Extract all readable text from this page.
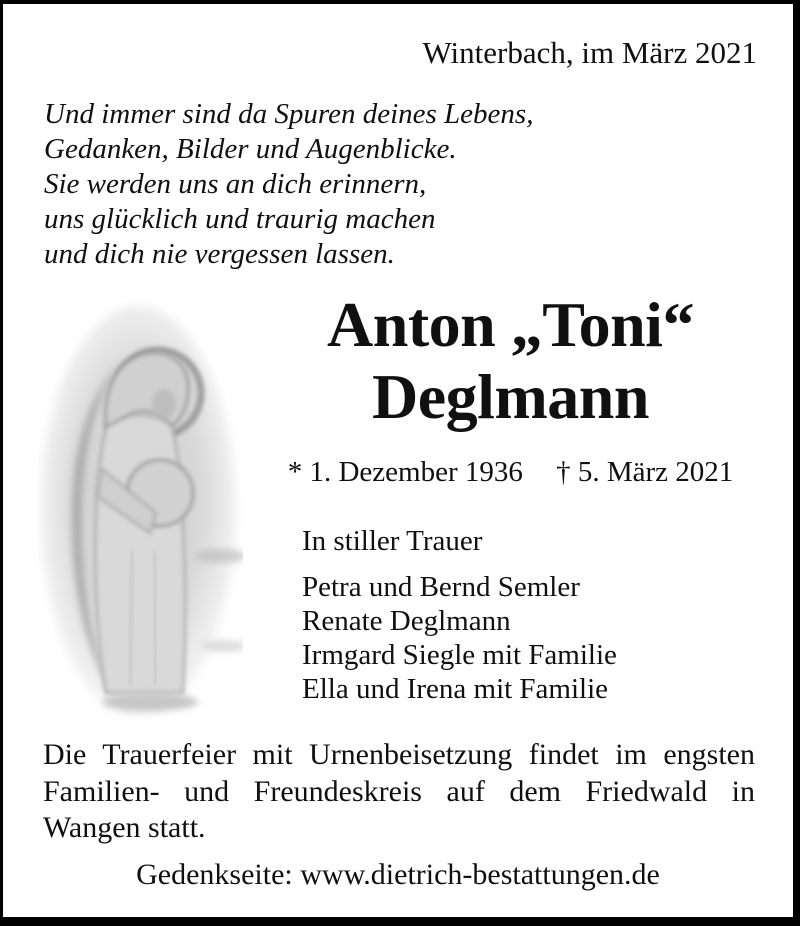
Winterbach, im März 2021
Und immer sind da Spuren deines Lebens,
Gedanken, Bilder und Augenblicke.
Sie werden uns an dich erinnern,
uns glücklich und traurig machen
und dich nie vergessen lassen.
Anton „Toni“
Deglmann
* 1. Dezember 1936 † 5. März 2021
In stiller Trauer
Petra und Bernd Semler
Renate Deglmann
Irmgard Siegle mit Familie
Ella und Irena mit Familie
Die Trauerfeier mit Urnenbeisetzung findet im engsten Familien- und Freundeskreis auf dem Friedwald in Wangen statt.
Gedenkseite: www.dietrich-bestattungen.de
